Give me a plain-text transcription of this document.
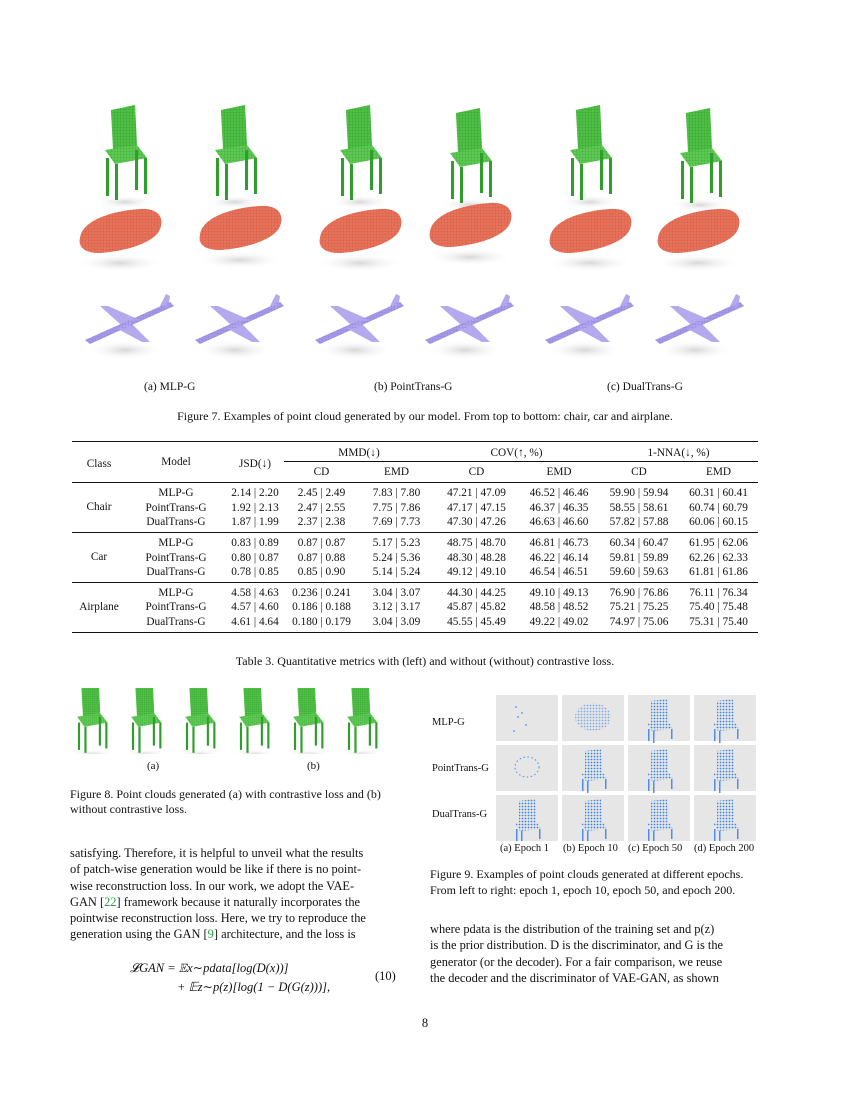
(a) MLP-G	(b) PointTrans-G	(c) DualTrans-G
Figure 7. Examples of point cloud generated by our model. From top to bottom: chair, car and airplane.
Class	Model	JSD(↓)	MMD(↓)		COV(↑, %)		1-NNA(↓, %)	
			CD	EMD	CD	EMD	CD	EMD
Chair	MLP-G	2.14 | 2.20	2.45 | 2.49	7.83 | 7.80	47.21 | 47.09	46.52 | 46.46	59.90 | 59.94	60.31 | 60.41
	PointTrans-G	1.92 | 2.13	2.47 | 2.55	7.75 | 7.86	47.17 | 47.15	46.37 | 46.35	58.55 | 58.61	60.74 | 60.79
	DualTrans-G	1.87 | 1.99	2.37 | 2.38	7.69 | 7.73	47.30 | 47.26	46.63 | 46.60	57.82 | 57.88	60.06 | 60.15
Car	MLP-G	0.83 | 0.89	0.87 | 0.87	5.17 | 5.23	48.75 | 48.70	46.81 | 46.73	60.34 | 60.47	61.95 | 62.06
	PointTrans-G	0.80 | 0.87	0.87 | 0.88	5.24 | 5.36	48.30 | 48.28	46.22 | 46.14	59.81 | 59.89	62.26 | 62.33
	DualTrans-G	0.78 | 0.85	0.85 | 0.90	5.14 | 5.24	49.12 | 49.10	46.54 | 46.51	59.60 | 59.63	61.81 | 61.86
Airplane	MLP-G	4.58 | 4.63	0.236 | 0.241	3.04 | 3.07	44.30 | 44.25	49.10 | 49.13	76.90 | 76.86	76.11 | 76.34
	PointTrans-G	4.57 | 4.60	0.186 | 0.188	3.12 | 3.17	45.87 | 45.82	48.58 | 48.52	75.21 | 75.25	75.40 | 75.48
	DualTrans-G	4.61 | 4.64	0.180 | 0.179	3.04 | 3.09	45.55 | 45.49	49.22 | 49.02	74.97 | 75.06	75.31 | 75.40
Table 3. Quantitative metrics with (left) and without (without) contrastive loss.
(a)	(b)
Figure 8. Point clouds generated (a) with contrastive loss and (b)
without contrastive loss.
MLP-G
PointTrans-G
DualTrans-G
(a) Epoch 1 (b) Epoch 10 (c) Epoch 50 (d) Epoch 200
Figure 9. Examples of point clouds generated at different epochs.
From left to right: epoch 1, epoch 10, epoch 50, and epoch 200.
satisfying. Therefore, it is helpful to unveil what the results
of patch-wise generation would be like if there is no point-
wise reconstruction loss. In our work, we adopt the VAE-
GAN [22] framework because it naturally incorporates the
pointwise reconstruction loss. Here, we try to reproduce the
generation using the GAN [9] architecture, and the loss is
𝓛GAN = 𝔼x∼pdata[log(D(x))]
+ 𝔼z∼p(z)[log(1 − D(G(z)))],
(10)
where pdata is the distribution of the training set and p(z)
is the prior distribution. D is the discriminator, and G is the
generator (or the decoder). For a fair comparison, we reuse
the decoder and the discriminator of VAE-GAN, as shown
8
